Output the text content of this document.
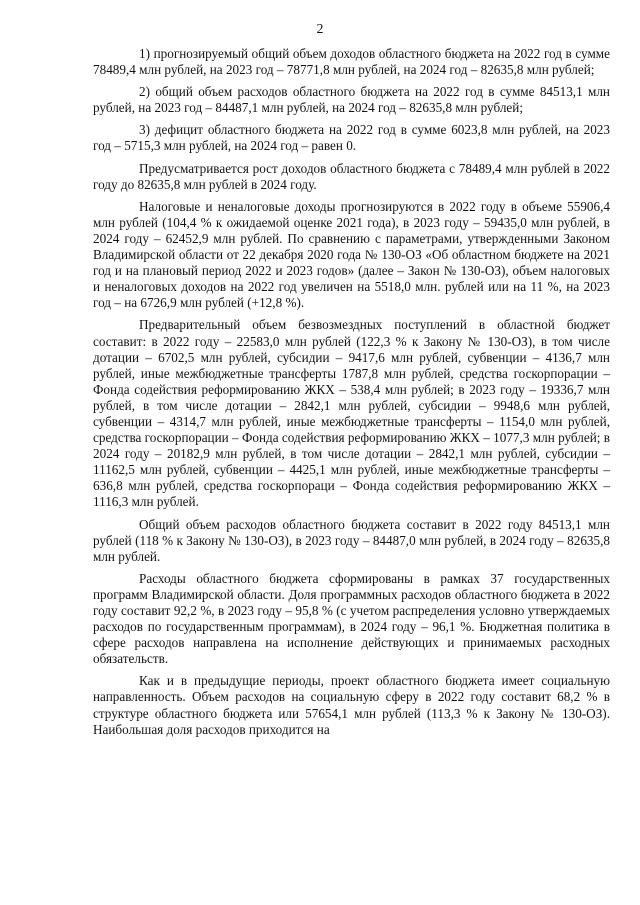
2

1) прогнозируемый общий объем доходов областного бюджета на 2022 год в сумме 78489,4 млн рублей, на 2023 год – 78771,8 млн рублей, на 2024 год – 82635,8 млн рублей;

2) общий объем расходов областного бюджета на 2022 год в сумме 84513,1 млн рублей, на 2023 год – 84487,1 млн рублей, на 2024 год – 82635,8 млн рублей;

3) дефицит областного бюджета на 2022 год в сумме 6023,8 млн рублей, на 2023 год – 5715,3 млн рублей, на 2024 год – равен 0.

Предусматривается рост доходов областного бюджета с 78489,4 млн рублей в 2022 году до 82635,8 млн рублей в 2024 году.

Налоговые и неналоговые доходы прогнозируются в 2022 году в объеме 55906,4 млн рублей (104,4 % к ожидаемой оценке 2021 года), в 2023 году – 59435,0 млн рублей, в 2024 году – 62452,9 млн рублей. По сравнению с параметрами, утвержденными Законом Владимирской области от 22 декабря 2020 года № 130-ОЗ «Об областном бюджете на 2021 год и на плановый период 2022 и 2023 годов» (далее – Закон № 130-ОЗ), объем налоговых и неналоговых доходов на 2022 год увеличен на 5518,0 млн. рублей или на 11 %, на 2023 год – на 6726,9 млн рублей (+12,8 %).

Предварительный объем безвозмездных поступлений в областной бюджет составит: в 2022 году – 22583,0 млн рублей (122,3 % к Закону № 130-ОЗ), в том числе дотации – 6702,5 млн рублей, субсидии – 9417,6 млн рублей, субвенции – 4136,7 млн рублей, иные межбюджетные трансферты 1787,8 млн рублей, средства госкорпорации – Фонда содействия реформированию ЖКХ – 538,4 млн рублей; в 2023 году – 19336,7 млн рублей, в том числе дотации – 2842,1 млн рублей, субсидии – 9948,6 млн рублей, субвенции – 4314,7 млн рублей, иные межбюджетные трансферты – 1154,0 млн рублей, средства госкорпорации – Фонда содействия реформированию ЖКХ – 1077,3 млн рублей; в 2024 году – 20182,9 млн рублей, в том числе дотации – 2842,1 млн рублей, субсидии – 11162,5 млн рублей, субвенции – 4425,1 млн рублей, иные межбюджетные трансферты – 636,8 млн рублей, средства госкорпораци – Фонда содействия реформированию ЖКХ – 1116,3 млн рублей.

Общий объем расходов областного бюджета составит в 2022 году 84513,1 млн рублей (118 % к Закону № 130-ОЗ), в 2023 году – 84487,0 млн рублей, в 2024 году – 82635,8 млн рублей.

Расходы областного бюджета сформированы в рамках 37 государственных программ Владимирской области. Доля программных расходов областного бюджета в 2022 году составит 92,2 %, в 2023 году – 95,8 % (с учетом распределения условно утверждаемых расходов по государственным программам), в 2024 году – 96,1 %. Бюджетная политика в сфере расходов направлена на исполнение действующих и принимаемых расходных обязательств.

Как и в предыдущие периоды, проект областного бюджета имеет социальную направленность. Объем расходов на социальную сферу в 2022 году составит 68,2 % в структуре областного бюджета или 57654,1 млн рублей (113,3 % к Закону № 130-ОЗ). Наибольшая доля расходов приходится на
